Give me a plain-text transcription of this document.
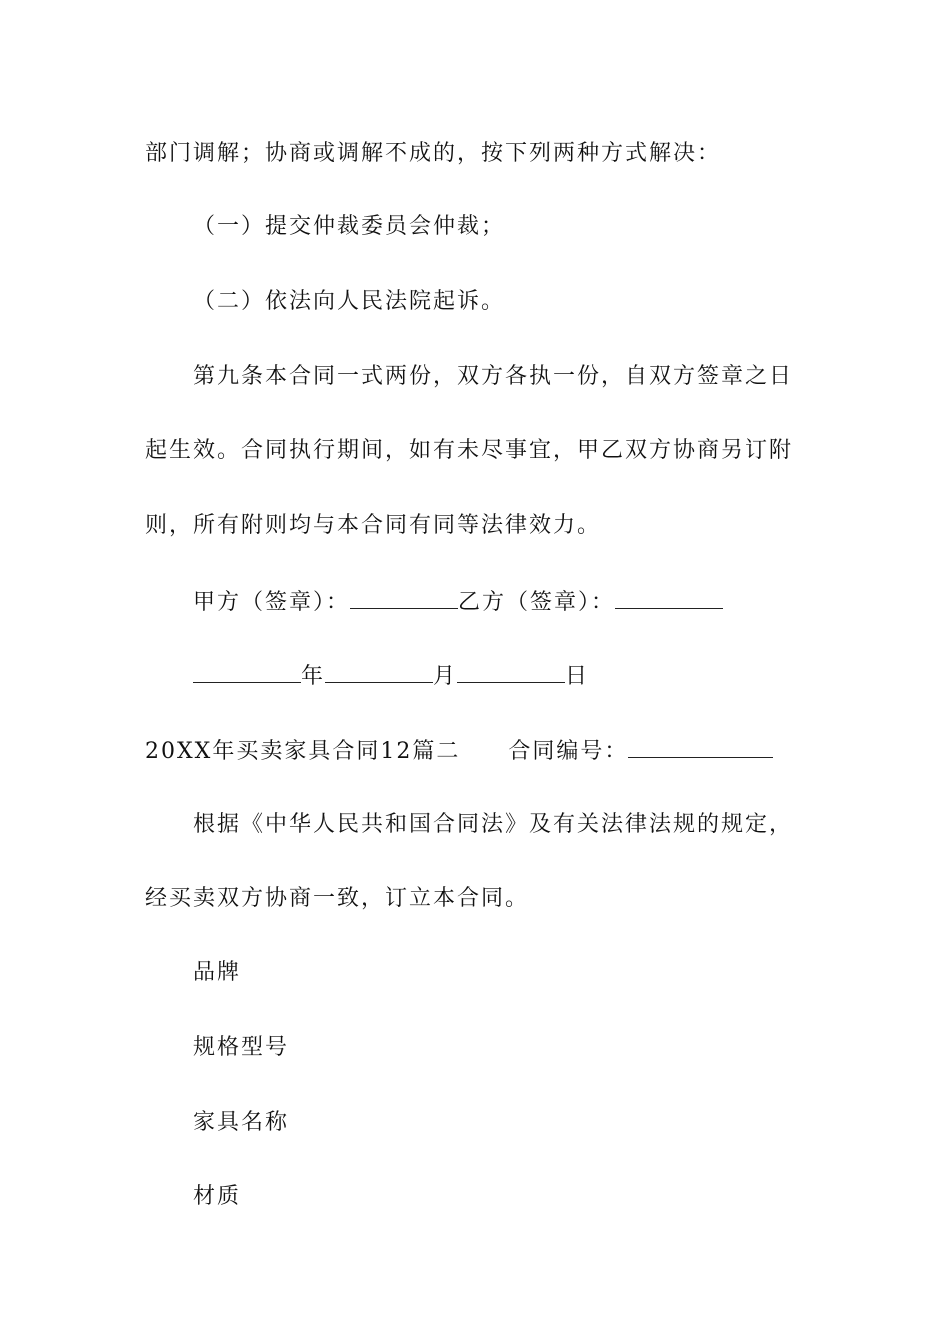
部门调解；协商或调解不成的，按下列两种方式解决：
（一）提交仲裁委员会仲裁；
（二）依法向人民法院起诉。
第九条本合同一式两份，双方各执一份，自双方签章之日
起生效。合同执行期间，如有未尽事宜，甲乙双方协商另订附
则，所有附则均与本合同有同等法律效力。
甲方（签章）：	乙方（签章）：
年	月	日
20XX年买卖家具合同12篇二 合同编号：
根据《中华人民共和国合同法》及有关法律法规的规定，
经买卖双方协商一致，订立本合同。
品牌
规格型号
家具名称
材质
